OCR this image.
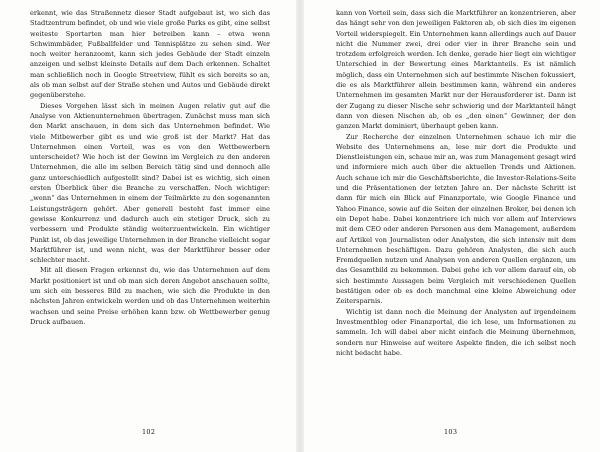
erkennt, wie das Straßennetz dieser Stadt aufgebaut ist, wo sich das Stadtzentrum befindet, ob und wie viele große Parks es gibt, eine selbst weiteste Sportarten man hier betreiben kann – etwa wenn Schwimmbäder, Fußballfelder und Tennisplätze zu sehen sind. Wer noch weiter heranzoomt, kann sich jedes Gebäude der Stadt einzeln anzeigen und selbst kleinste Details auf dem Dach erkennen. Schaltet man schließlich noch in Google Streetview, fühlt es sich bereits so an, als ob man selbst auf der Straße stehen und Autos und Gebäude direkt gegenüberstehe.

Dieses Vorgehen lässt sich in meinen Augen relativ gut auf die Analyse von Aktienunternehmen übertragen. Zunächst muss man sich den Markt anschauen, in dem sich das Unternehmen befindet. Wie viele Mitbewerber gibt es und wie groß ist der Markt? Hat das Unternehmen einen Vorteil, was es von den Wettbewerbern unterscheidet? Wie hoch ist der Gewinn im Vergleich zu den anderen Unternehmen, die alle im selben Bereich tätig sind und dennoch alle ganz unterschiedlich aufgestellt sind? Dabei ist es wichtig, sich einen ersten Überblick über die Branche zu verschaffen. Noch wichtiger: „wenn“ das Unternehmen in einem der Teilmärkte zu den sogenannten Leistungsträgern gehört. Aber generell besteht fast immer eine gewisse Konkurrenz und dadurch auch ein stetiger Druck, sich zu verbessern und Produkte ständig weiterzuentwickeln. Ein wichtiger Punkt ist, ob das jeweilige Unternehmen in der Branche vielleicht sogar Marktführer ist, und wenn nicht, was der Marktführer besser oder schlechter macht.

Mit all diesen Fragen erkennst du, wie das Unternehmen auf dem Markt positioniert ist und ob man sich deren Angebot anschauen sollte, um sich ein besseres Bild zu machen, wie sich die Produkte in den nächsten Jahren entwickeln werden und ob das Unternehmen weiterhin wachsen und seine Preise erhöhen kann bzw. ob Wettbewerber genug Druck aufbauen.

102

kann von Vorteil sein, dass sich die Marktführer an konzentrieren, aber das hängt sehr von den jeweiligen Faktoren ab, ob sich dies im eigenen Vorteil widerspiegelt. Ein Unternehmen kann allerdings auch auf Dauer nicht die Nummer zwei, drei oder vier in ihrer Branche sein und trotzdem erfolgreich werden. Ich denke, gerade hier liegt ein wichtiger Unterschied in der Bewertung eines Marktanteils. Es ist nämlich möglich, dass ein Unternehmen sich auf bestimmte Nischen fokussiert, die es als Marktführer allein bestimmen kann, während ein anderes Unternehmen im gesamten Markt nur der Herausforderer ist. Dann ist der Zugang zu dieser Nische sehr schwierig und der Marktanteil hängt dann von diesen Nischen ab, ob es „den einen“ Gewinner, der den ganzen Markt dominiert, überhaupt geben kann.

Zur Recherche der einzelnen Unternehmen schaue ich mir die Website des Unternehmens an, lese mir dort die Produkte und Dienstleistungen ein, schaue mir an, was zum Management gesagt wird und informiere mich auch über die aktuellen Trends und Aktionen. Auch schaue ich mir die Geschäftsberichte, die Investor-Relations-Seite und die Präsentationen der letzten Jahre an. Der nächste Schritt ist dann für mich ein Blick auf Finanzportale, wie Google Finance und Yahoo Finance, sowie auf die Seiten der einzelnen Broker, bei denen ich ein Depot habe. Dabei konzentriere ich mich vor allem auf Interviews mit dem CEO oder anderen Personen aus dem Management, außerdem auf Artikel von Journalisten oder Analysten, die sich intensiv mit dem Unternehmen beschäftigen. Dazu gehören Analysten, die sich auch Fremdquellen nutzen und Analysen von anderen Quellen ergänzen, um das Gesamtbild zu bekommen. Dabei gehe ich vor allem darauf ein, ob sich bestimmte Aussagen beim Vergleich mit verschiedenen Quellen bestätigen oder ob es doch manchmal eine kleine Abweichung oder Zeitersparnis.

Wichtig ist dann noch die Meinung der Analysten auf irgendeinem Investmentblog oder Finanzportal, die ich lese, um Informationen zu sammeln. Ich will dabei aber nicht einfach die Meinung übernehmen, sondern nur Hinweise auf weitere Aspekte finden, die ich selbst noch nicht bedacht habe.

103
